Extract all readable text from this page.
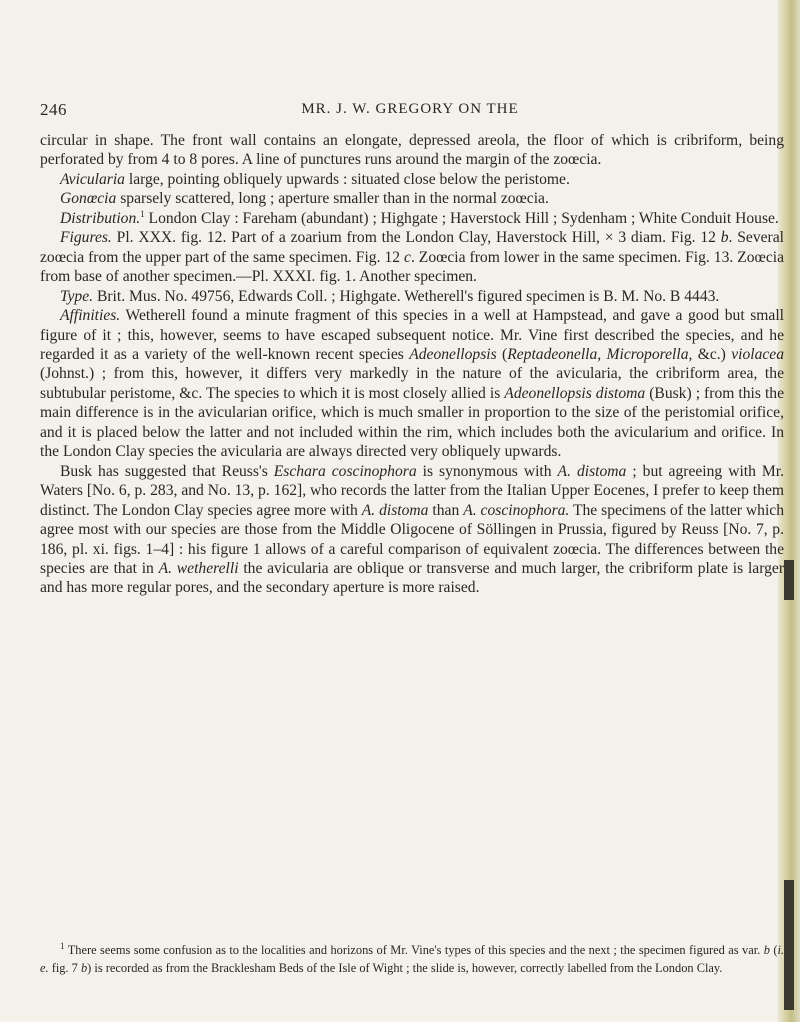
246	MR. J. W. GREGORY ON THE

circular in shape. The front wall contains an elongate, depressed areola, the floor of which is cribriform, being perforated by from 4 to 8 pores. A line of punctures runs around the margin of the zoœcia.

Avicularia large, pointing obliquely upwards : situated close below the peristome.

Gonœcia sparsely scattered, long ; aperture smaller than in the normal zoœcia.

Distribution.$^1$ London Clay : Fareham (abundant) ; Highgate ; Haverstock Hill ; Sydenham ; White Conduit House.

Figures. Pl. XXX. fig. 12. Part of a zoarium from the London Clay, Haverstock Hill, × 3 diam. Fig. 12 b. Several zoœcia from the upper part of the same specimen. Fig. 12 c. Zoœcia from lower in the same specimen. Fig. 13. Zoœcia from base of another specimen.—Pl. XXXI. fig. 1. Another specimen.

Type. Brit. Mus. No. 49756, Edwards Coll. ; Highgate. Wetherell's figured specimen is B. M. No. B 4443.

Affinities. Wetherell found a minute fragment of this species in a well at Hampstead, and gave a good but small figure of it ; this, however, seems to have escaped subsequent notice. Mr. Vine first described the species, and he regarded it as a variety of the well-known recent species Adeonellopsis (Reptadeonella, Microporella, &c.) violacea (Johnst.) ; from this, however, it differs very markedly in the nature of the avicularia, the cribriform area, the subtubular peristome, &c. The species to which it is most closely allied is Adeonellopsis distoma (Busk) ; from this the main difference is in the avicularian orifice, which is much smaller in proportion to the size of the peristomial orifice, and it is placed below the latter and not included within the rim, which includes both the avicularium and orifice. In the London Clay species the avicularia are always directed very obliquely upwards.

Busk has suggested that Reuss's Eschara coscinophora is synonymous with A. distoma ; but agreeing with Mr. Waters [No. 6, p. 283, and No. 13, p. 162], who records the latter from the Italian Upper Eocenes, I prefer to keep them distinct. The London Clay species agree more with A. distoma than A. coscinophora. The specimens of the latter which agree most with our species are those from the Middle Oligocene of Söllingen in Prussia, figured by Reuss [No. 7, p. 186, pl. xi. figs. 1–4] : his figure 1 allows of a careful comparison of equivalent zoœcia. The differences between the species are that in A. wetherelli the avicularia are oblique or transverse and much larger, the cribriform plate is larger and has more regular pores, and the secondary aperture is more raised.

$^1$ There seems some confusion as to the localities and horizons of Mr. Vine's types of this species and the next ; the specimen figured as var. b (i. e. fig. 7 b) is recorded as from the Bracklesham Beds of the Isle of Wight ; the slide is, however, correctly labelled from the London Clay.
